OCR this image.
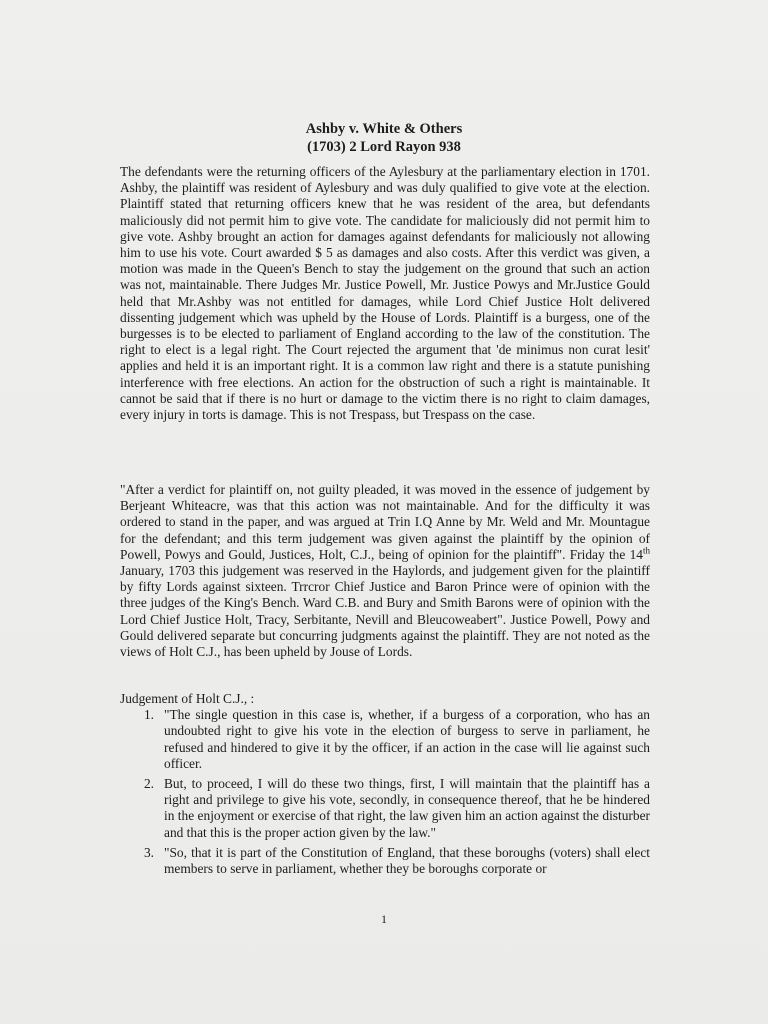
Ashby v. White & Others
(1703) 2 Lord Rayon 938

The defendants were the returning officers of the Aylesbury at the parliamentary election in 1701. Ashby, the plaintiff was resident of Aylesbury and was duly qualified to give vote at the election. Plaintiff stated that returning officers knew that he was resident of the area, but defendants maliciously did not permit him to give vote. The candidate for maliciously did not permit him to give vote. Ashby brought an action for damages against defendants for maliciously not allowing him to use his vote. Court awarded $ 5 as damages and also costs. After this verdict was given, a motion was made in the Queen's Bench to stay the judgement on the ground that such an action was not, maintainable. There Judges Mr. Justice Powell, Mr. Justice Powys and Mr.Justice Gould held that Mr.Ashby was not entitled for damages, while Lord Chief Justice Holt delivered dissenting judgement which was upheld by the House of Lords. Plaintiff is a burgess, one of the burgesses is to be elected to parliament of England according to the law of the constitution. The right to elect is a legal right. The Court rejected the argument that 'de minimus non curat lesit' applies and held it is an important right. It is a common law right and there is a statute punishing interference with free elections. An action for the obstruction of such a right is maintainable. It cannot be said that if there is no hurt or damage to the victim there is no right to claim damages, every injury in torts is damage. This is not Trespass, but Trespass on the case.

"After a verdict for plaintiff on, not guilty pleaded, it was moved in the essence of judgement by Berjeant Whiteacre, was that this action was not maintainable. And for the difficulty it was ordered to stand in the paper, and was argued at Trin I.Q Anne by Mr. Weld and Mr. Mountague for the defendant; and this term judgement was given against the plaintiff by the opinion of Powell, Powys and Gould, Justices, Holt, C.J., being of opinion for the plaintiff". Friday the 14th January, 1703 this judgement was reserved in the Haylords, and judgement given for the plaintiff by fifty Lords against sixteen. Trrcror Chief Justice and Baron Prince were of opinion with the three judges of the King's Bench. Ward C.B. and Bury and Smith Barons were of opinion with the Lord Chief Justice Holt, Tracy, Serbitante, Nevill and Bleucoweabert". Justice Powell, Powy and Gould delivered separate but concurring judgments against the plaintiff. They are not noted as the views of Holt C.J., has been upheld by Jouse of Lords.

Judgement of Holt C.J., :

1. "The single question in this case is, whether, if a burgess of a corporation, who has an undoubted right to give his vote in the election of burgess to serve in parliament, he refused and hindered to give it by the officer, if an action in the case will lie against such officer.
2. But, to proceed, I will do these two things, first, I will maintain that the plaintiff has a right and privilege to give his vote, secondly, in consequence thereof, that he be hindered in the enjoyment or exercise of that right, the law given him an action against the disturber and that this is the proper action given by the law."
3. "So, that it is part of the Constitution of England, that these boroughs (voters) shall elect members to serve in parliament, whether they be boroughs corporate or
1
